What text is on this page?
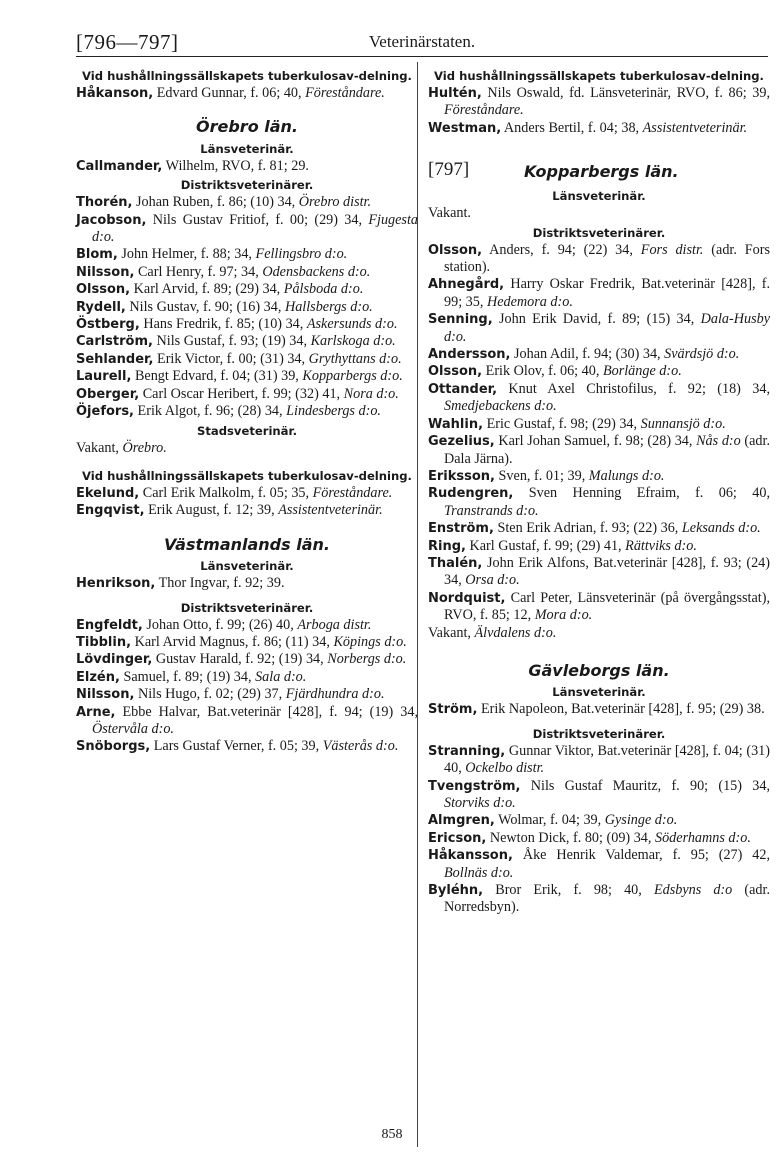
[796—797]	Veterinärstaten.
Vid hushållningssällskapets tuberkulosav-delning.

Håkanson, Edvard Gunnar, f. 06; 40, Föreståndare.

Örebro län.
Länsveterinär.

Callmander, Wilhelm, RVO, f. 81; 29.

Distriktsveterinärer.

Thorén, Johan Ruben, f. 86; (10) 34, Örebro distr.

Jacobson, Nils Gustav Fritiof, f. 00; (29) 34, Fjugesta d:o.

Blom, John Helmer, f. 88; 34, Fellingsbro d:o.

Nilsson, Carl Henry, f. 97; 34, Odensbackens d:o.

Olsson, Karl Arvid, f. 89; (29) 34, Pålsboda d:o.

Rydell, Nils Gustav, f. 90; (16) 34, Hallsbergs d:o.

Östberg, Hans Fredrik, f. 85; (10) 34, Askersunds d:o.

Carlström, Nils Gustaf, f. 93; (19) 34, Karlskoga d:o.

Sehlander, Erik Victor, f. 00; (31) 34, Grythyttans d:o.

Laurell, Bengt Edvard, f. 04; (31) 39, Kopparbergs d:o.

Oberger, Carl Oscar Heribert, f. 99; (32) 41, Nora d:o.

Öjefors, Erik Algot, f. 96; (28) 34, Lindesbergs d:o.

Stadsveterinär.

Vakant, Örebro.

Vid hushållningssällskapets tuberkulosav-delning.

Ekelund, Carl Erik Malkolm, f. 05; 35, Föreståndare.

Engqvist, Erik August, f. 12; 39, Assistentveterinär.

Västmanlands län.
Länsveterinär.

Henrikson, Thor Ingvar, f. 92; 39.

Distriktsveterinärer.

Engfeldt, Johan Otto, f. 99; (26) 40, Arboga distr.

Tibblin, Karl Arvid Magnus, f. 86; (11) 34, Köpings d:o.

Lövdinger, Gustav Harald, f. 92; (19) 34, Norbergs d:o.

Elzén, Samuel, f. 89; (19) 34, Sala d:o.

Nilsson, Nils Hugo, f. 02; (29) 37, Fjärdhundra d:o.

Arne, Ebbe Halvar, Bat.veterinär [428], f. 94; (19) 34, Östervåla d:o.

Snöborgs, Lars Gustaf Verner, f. 05; 39, Västerås d:o.

Vid hushållningssällskapets tuberkulosav-delning.

Hultén, Nils Oswald, fd. Länsveterinär, RVO, f. 86; 39, Föreståndare.

Westman, Anders Bertil, f. 04; 38, Assistentveterinär.

[797]	Kopparbergs län.
Länsveterinär.

Vakant.

Distriktsveterinärer.

Olsson, Anders, f. 94; (22) 34, Fors distr. (adr. Fors station).

Ahnegård, Harry Oskar Fredrik, Bat.veterinär [428], f. 99; 35, Hedemora d:o.

Senning, John Erik David, f. 89; (15) 34, Dala-Husby d:o.

Andersson, Johan Adil, f. 94; (30) 34, Svärdsjö d:o.

Olsson, Erik Olov, f. 06; 40, Borlänge d:o.

Ottander, Knut Axel Christofilus, f. 92; (18) 34, Smedjebackens d:o.

Wahlin, Eric Gustaf, f. 98; (29) 34, Sunnansjö d:o.

Gezelius, Karl Johan Samuel, f. 98; (28) 34, Nås d:o (adr. Dala Järna).

Eriksson, Sven, f. 01; 39, Malungs d:o.

Rudengren, Sven Henning Efraim, f. 06; 40, Transtrands d:o.

Enström, Sten Erik Adrian, f. 93; (22) 36, Leksands d:o.

Ring, Karl Gustaf, f. 99; (29) 41, Rättviks d:o.

Thalén, John Erik Alfons, Bat.veterinär [428], f. 93; (24) 34, Orsa d:o.

Nordquist, Carl Peter, Länsveterinär (på övergångsstat), RVO, f. 85; 12, Mora d:o.

Vakant, Älvdalens d:o.

Gävleborgs län.
Länsveterinär.

Ström, Erik Napoleon, Bat.veterinär [428], f. 95; (29) 38.

Distriktsveterinärer.

Stranning, Gunnar Viktor, Bat.veterinär [428], f. 04; (31) 40, Ockelbo distr.

Tvengström, Nils Gustaf Mauritz, f. 90; (15) 34, Storviks d:o.

Almgren, Wolmar, f. 04; 39, Gysinge d:o.

Ericson, Newton Dick, f. 80; (09) 34, Söderhamns d:o.

Håkansson, Åke Henrik Valdemar, f. 95; (27) 42, Bollnäs d:o.

Byléhn, Bror Erik, f. 98; 40, Edsbyns d:o (adr. Norredsbyn).

858
